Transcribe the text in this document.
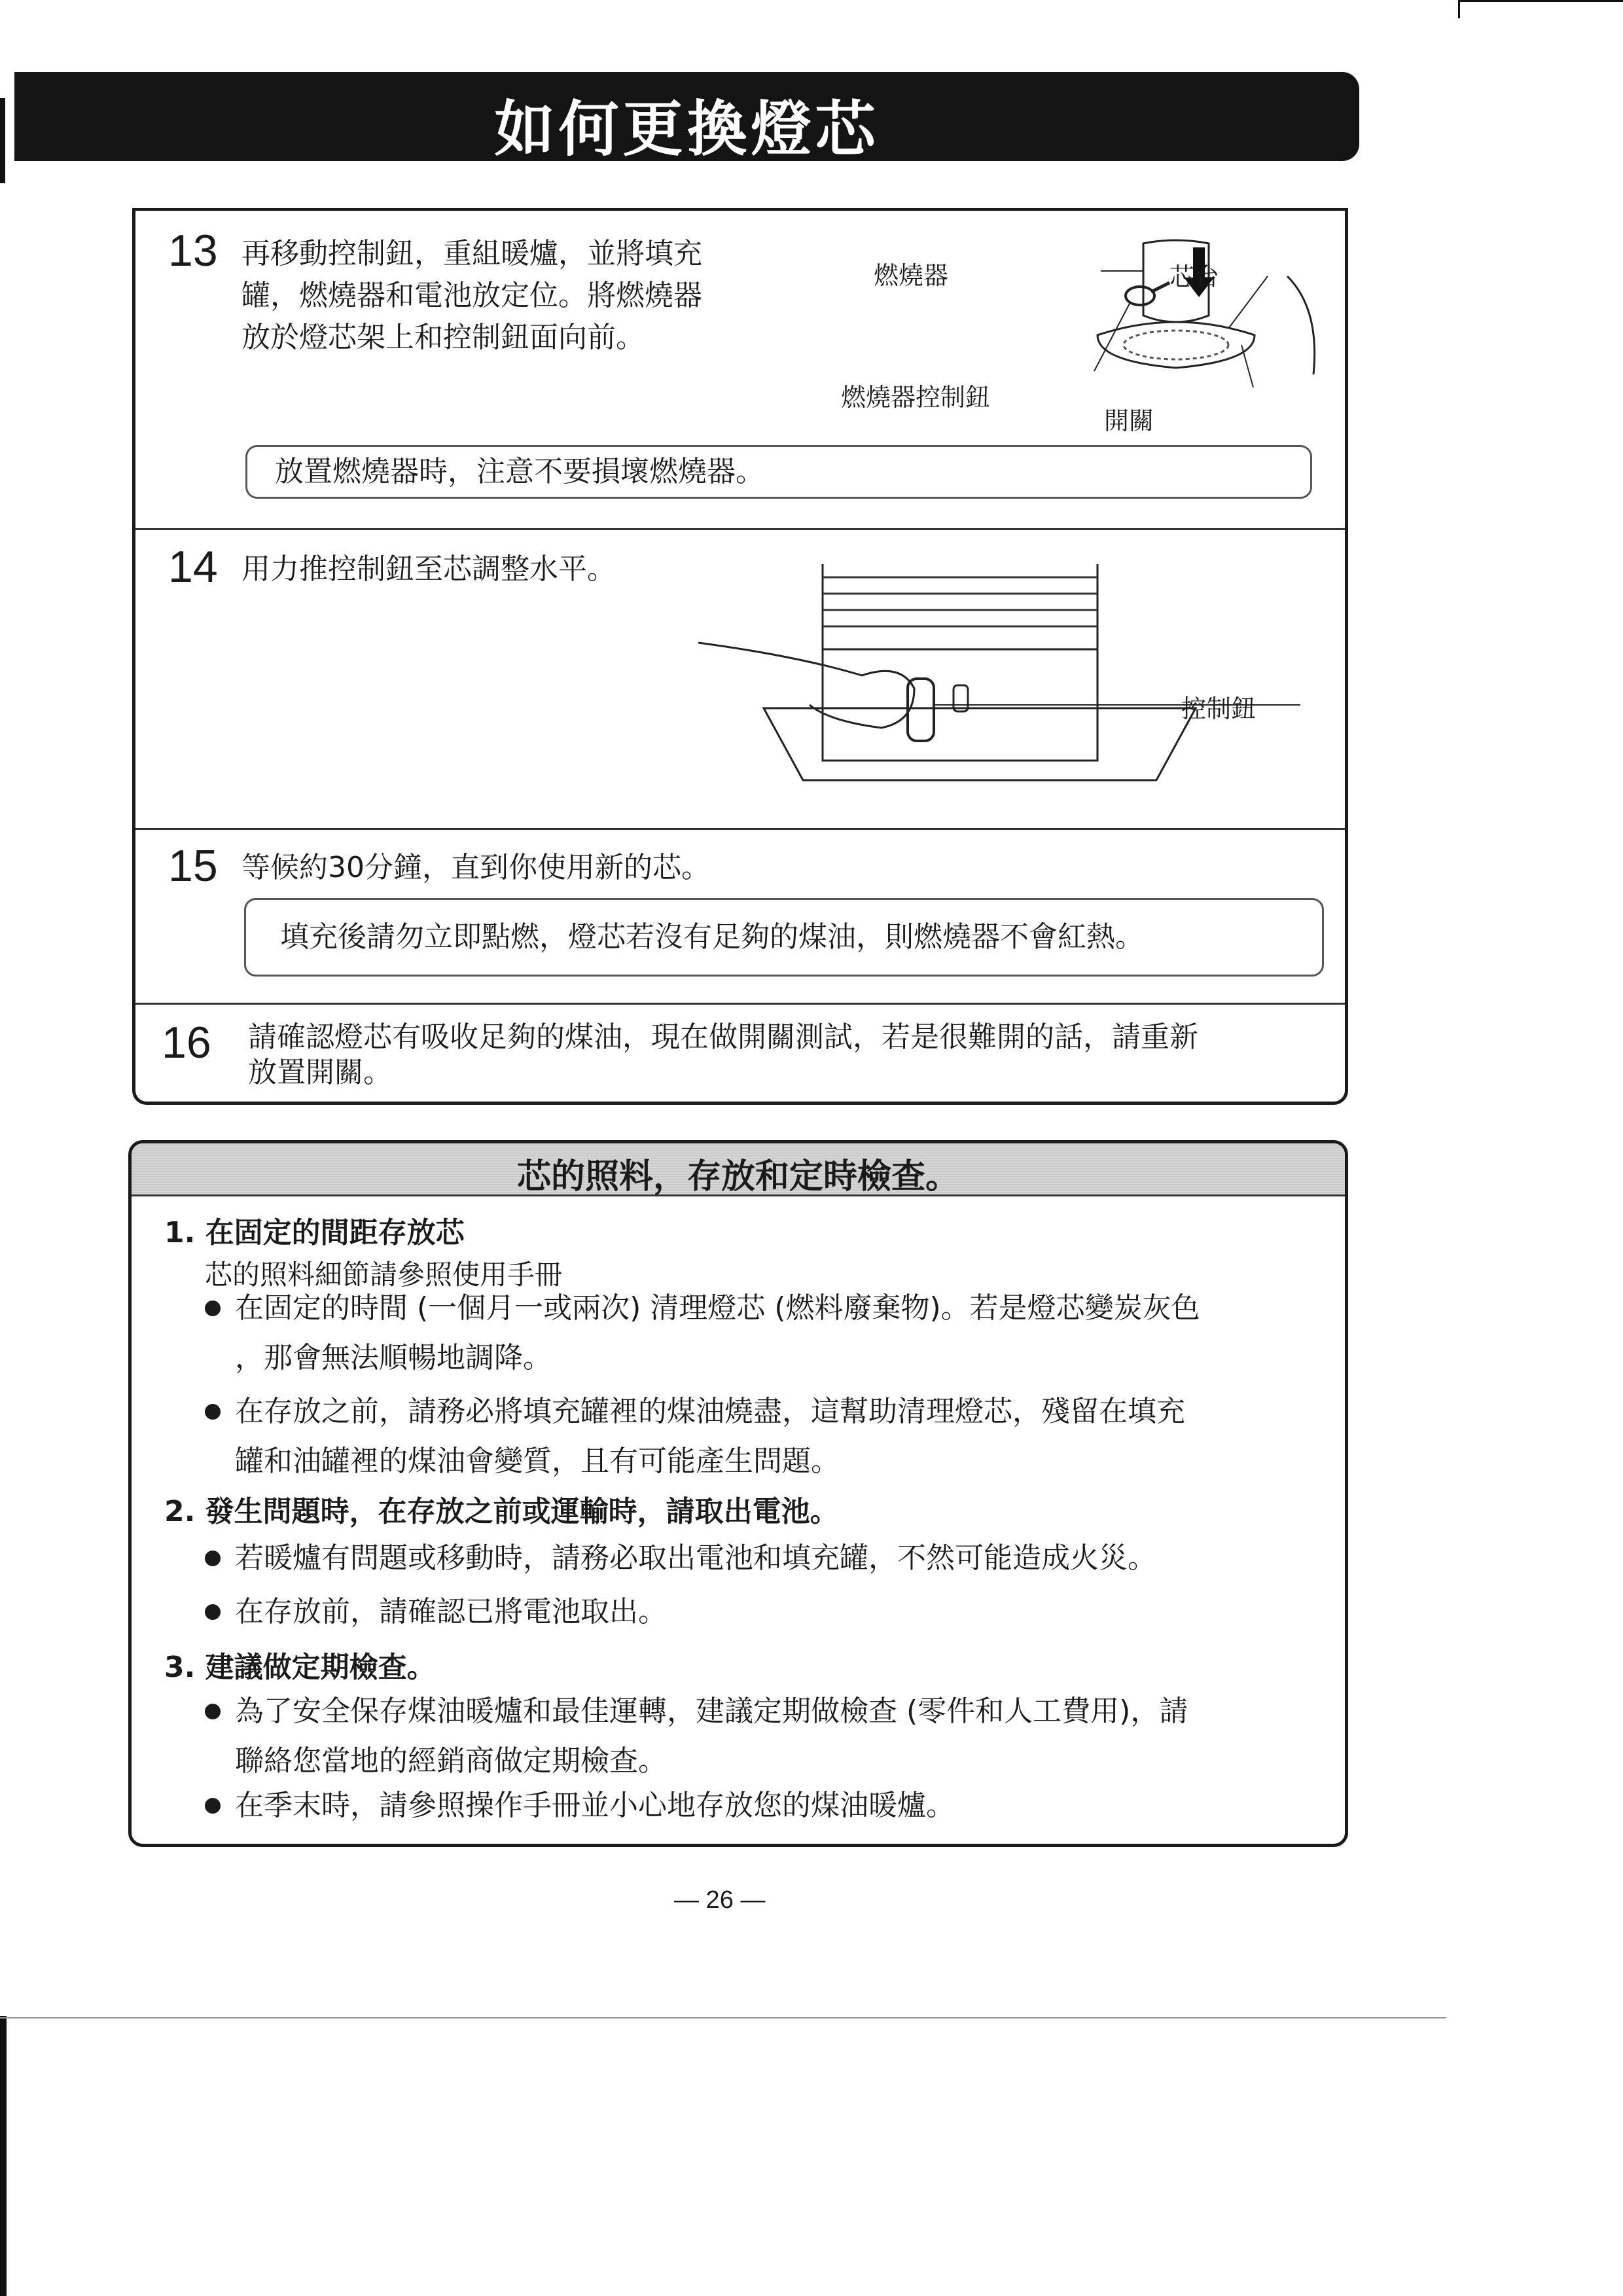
如何更換燈芯
13 再移動控制鈕，重組暖爐，並將填充
罐，燃燒器和電池放定位。將燃燒器
放於燈芯架上和控制鈕面向前。
燃燒器	芯台
燃燒器控制鈕
開關
放置燃燒器時，注意不要損壞燃燒器。
14 用力推控制鈕至芯調整水平。
控制鈕
15 等候約30分鐘，直到你使用新的芯。
填充後請勿立即點燃，燈芯若沒有足夠的煤油，則燃燒器不會紅熱。
16 請確認燈芯有吸收足夠的煤油，現在做開關測試，若是很難開的話，請重新
放置開關。
芯的照料，存放和定時檢查。
1. 在固定的間距存放芯
芯的照料細節請參照使用手冊
在固定的時間 (一個月一或兩次) 清理燈芯 (燃料廢棄物)。若是燈芯變炭灰色
，那會無法順暢地調降。
在存放之前，請務必將填充罐裡的煤油燒盡，這幫助清理燈芯，殘留在填充
罐和油罐裡的煤油會變質，且有可能產生問題。
2. 發生問題時，在存放之前或運輸時，請取出電池。
若暖爐有問題或移動時，請務必取出電池和填充罐，不然可能造成火災。
在存放前，請確認已將電池取出。
3. 建議做定期檢查。
為了安全保存煤油暖爐和最佳運轉，建議定期做檢查 (零件和人工費用)，請
聯絡您當地的經銷商做定期檢查。
在季末時，請參照操作手冊並小心地存放您的煤油暖爐。
— 26 —
